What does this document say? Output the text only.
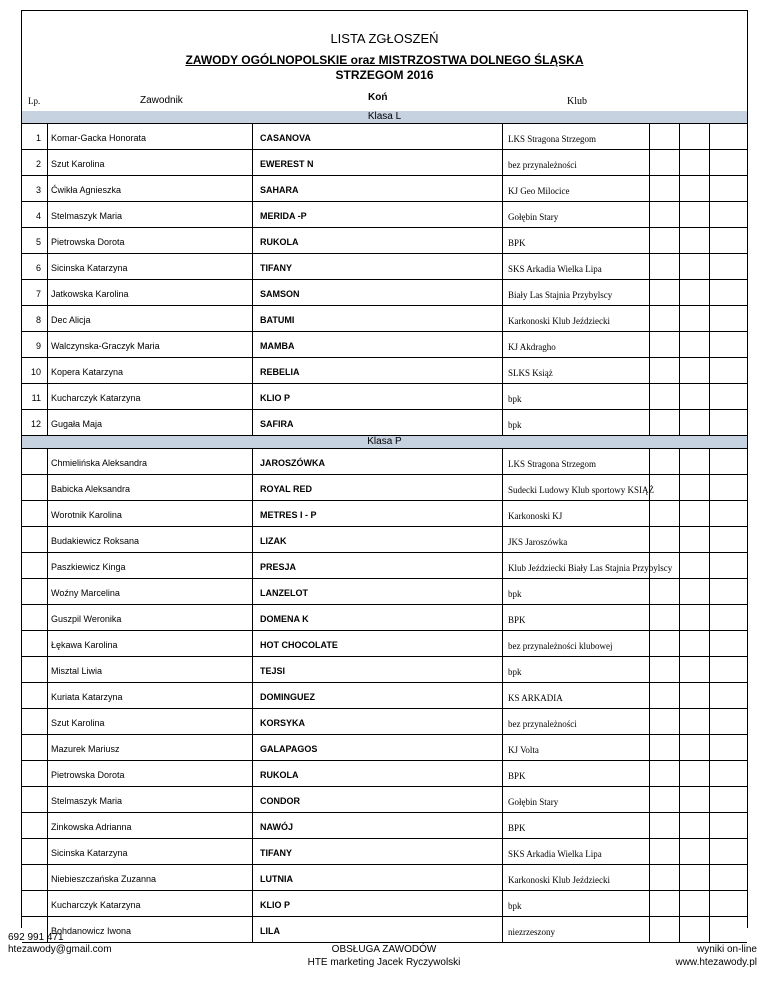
LISTA ZGŁOSZEŃ
ZAWODY OGÓLNOPOLSKIE oraz MISTRZOSTWA DOLNEGO ŚLĄSKA
STRZEGOM 2016
Lp.	Zawodnik	Koń	Klub
Klasa L
1	Komar-Gacka Honorata	CASANOVA	LKS Stragona Strzegom
2	Szut Karolina	EWEREST N	bez przynależności
3	Ćwikła Agnieszka	SAHARA	KJ Geo Milocice
4	Stelmaszyk Maria	MERIDA -P	Gołębin Stary
5	Pietrowska Dorota	RUKOLA	BPK
6	Sicinska Katarzyna	TIFANY	SKS Arkadia Wielka Lipa
7	Jatkowska Karolina	SAMSON	Biały Las Stajnia Przybylscy
8	Dec Alicja	BATUMI	Karkonoski Klub Jeździecki
9	Walczynska-Graczyk Maria	MAMBA	KJ Akdragho
10	Kopera Katarzyna	REBELIA	SLKS Książ
11	Kucharczyk Katarzyna	KLIO P	bpk
12	Gugała Maja	SAFIRA	bpk
Klasa P
Chmielińska Aleksandra	JAROSZÓWKA	LKS Stragona Strzegom
Babicka Aleksandra	ROYAL RED	Sudecki Ludowy Klub sportowy KSIĄŻ
Worotnik Karolina	METRES I - P	Karkonoski KJ
Budakiewicz Roksana	LIZAK	JKS Jaroszówka
Paszkiewicz Kinga	PRESJA	Klub Jeździecki Biały Las Stajnia Przybylscy
Woźny Marcelina	LANZELOT	bpk
Guszpil Weronika	DOMENA K	BPK
Łękawa Karolina	HOT CHOCOLATE	bez przynależności klubowej
Misztal Liwia	TEJSI	bpk
Kuriata Katarzyna	DOMINGUEZ	KS ARKADIA
Szut Karolina	KORSYKA	bez przynależności
Mazurek Mariusz	GALAPAGOS	KJ Volta
Pietrowska Dorota	RUKOLA	BPK
Stelmaszyk Maria	CONDOR	Gołębin Stary
Zinkowska Adrianna	NAWÓJ	BPK
Sicinska Katarzyna	TIFANY	SKS Arkadia Wielka Lipa
Niebieszczańska Zuzanna	LUTNIA	Karkonoski Klub Jeździecki
Kucharczyk Katarzyna	KLIO P	bpk
Bohdanowicz Iwona	LILA	niezrzeszony
692 991 471
htezawody@gmail.com	OBSŁUGA ZAWODÓW
HTE marketing Jacek Ryczywolski
wyniki on-line
www.htezawody.pl
